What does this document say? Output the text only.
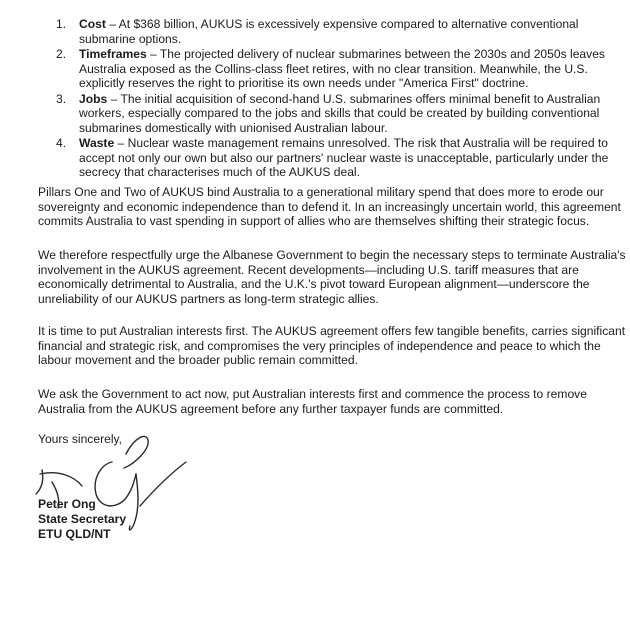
1. Cost – At $368 billion, AUKUS is excessively expensive compared to alternative conventional submarine options.
2. Timeframes – The projected delivery of nuclear submarines between the 2030s and 2050s leaves Australia exposed as the Collins-class fleet retires, with no clear transition. Meanwhile, the U.S. explicitly reserves the right to prioritise its own needs under "America First" doctrine.
3. Jobs – The initial acquisition of second-hand U.S. submarines offers minimal benefit to Australian workers, especially compared to the jobs and skills that could be created by building conventional submarines domestically with unionised Australian labour.
4. Waste – Nuclear waste management remains unresolved. The risk that Australia will be required to accept not only our own but also our partners' nuclear waste is unacceptable, particularly under the secrecy that characterises much of the AUKUS deal.

Pillars One and Two of AUKUS bind Australia to a generational military spend that does more to erode our sovereignty and economic independence than to defend it. In an increasingly uncertain world, this agreement commits Australia to vast spending in support of allies who are themselves shifting their strategic focus.

We therefore respectfully urge the Albanese Government to begin the necessary steps to terminate Australia's involvement in the AUKUS agreement. Recent developments—including U.S. tariff measures that are economically detrimental to Australia, and the U.K.'s pivot toward European alignment—underscore the unreliability of our AUKUS partners as long-term strategic allies.

It is time to put Australian interests first. The AUKUS agreement offers few tangible benefits, carries significant financial and strategic risk, and compromises the very principles of independence and peace to which the labour movement and the broader public remain committed.

We ask the Government to act now, put Australian interests first and commence the process to remove Australia from the AUKUS agreement before any further taxpayer funds are committed.

Yours sincerely,
Peter Ong
State Secretary
ETU QLD/NT
